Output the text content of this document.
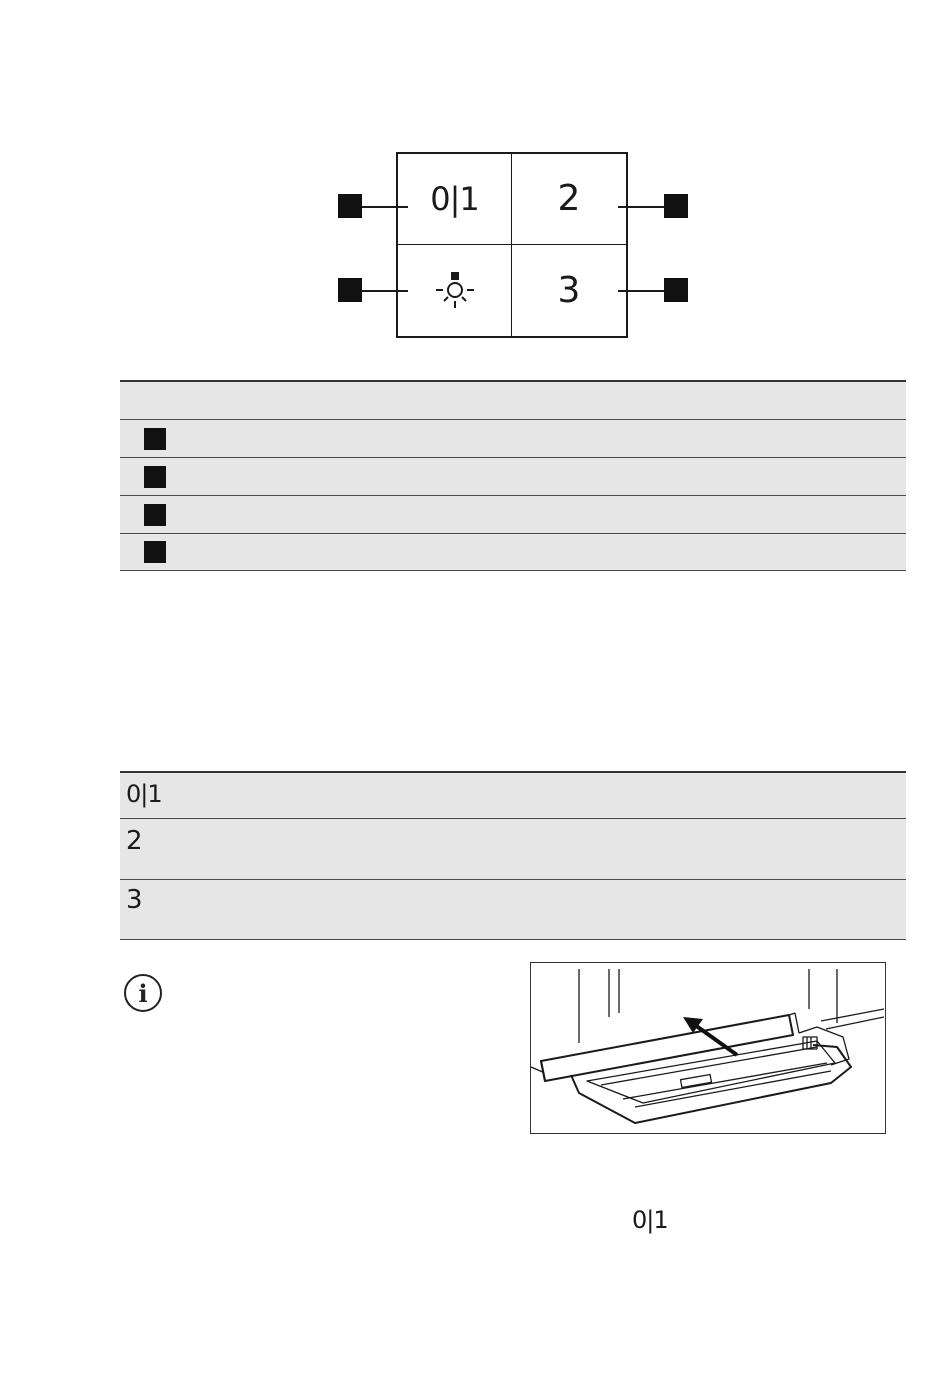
0|1	2
3
0|1
2
3
i
0|1
